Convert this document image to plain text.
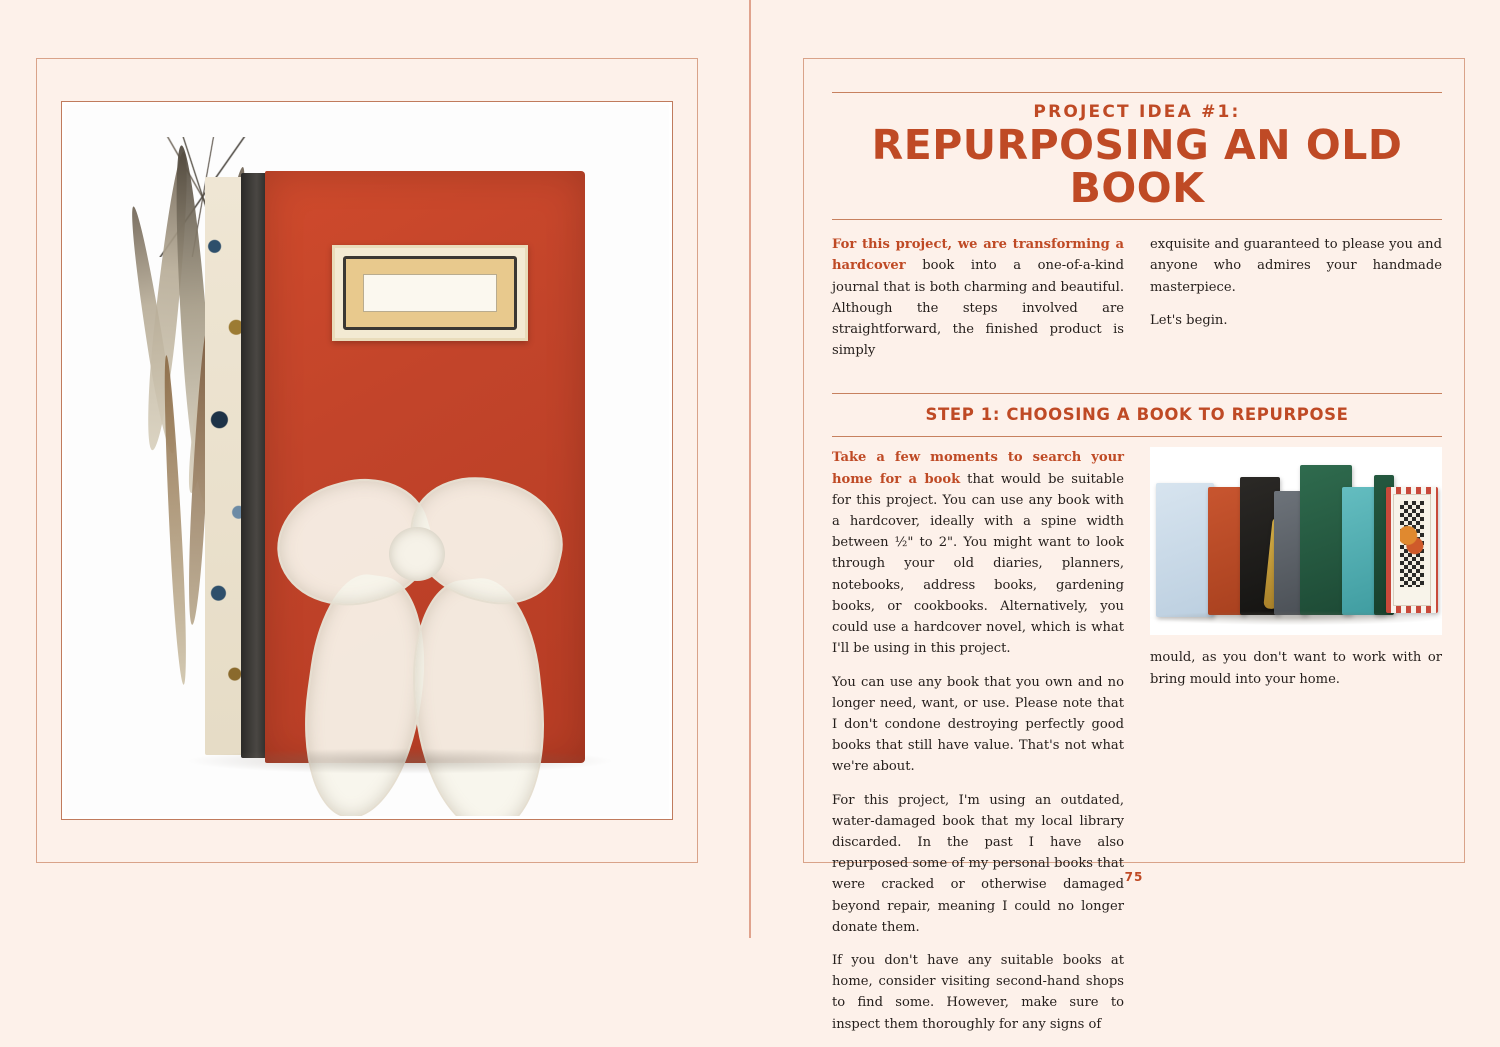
PROJECT IDEA #1:
REPURPOSING AN OLD BOOK

For this project, we are transforming a hardcover book into a one-of-a-kind journal that is both charming and beautiful. Although the steps involved are straightforward, the finished product is simply

exquisite and guaranteed to please you and anyone who admires your handmade masterpiece.

Let's begin.

STEP 1: CHOOSING A BOOK TO REPURPOSE

Take a few moments to search your home for a book that would be suitable for this project. You can use any book with a hardcover, ideally with a spine width between ½" to 2". You might want to look through your old diaries, planners, notebooks, address books, gardening books, or cookbooks. Alternatively, you could use a hardcover novel, which is what I'll be using in this project.

You can use any book that you own and no longer need, want, or use. Please note that I don't condone destroying perfectly good books that still have value. That's not what we're about.

For this project, I'm using an outdated, water-damaged book that my local library discarded. In the past I have also repurposed some of my personal books that were cracked or otherwise damaged beyond repair, meaning I could no longer donate them.

If you don't have any suitable books at home, consider visiting second-hand shops to find some. However, make sure to inspect them thoroughly for any signs of

mould, as you don't want to work with or bring mould into your home.

75
